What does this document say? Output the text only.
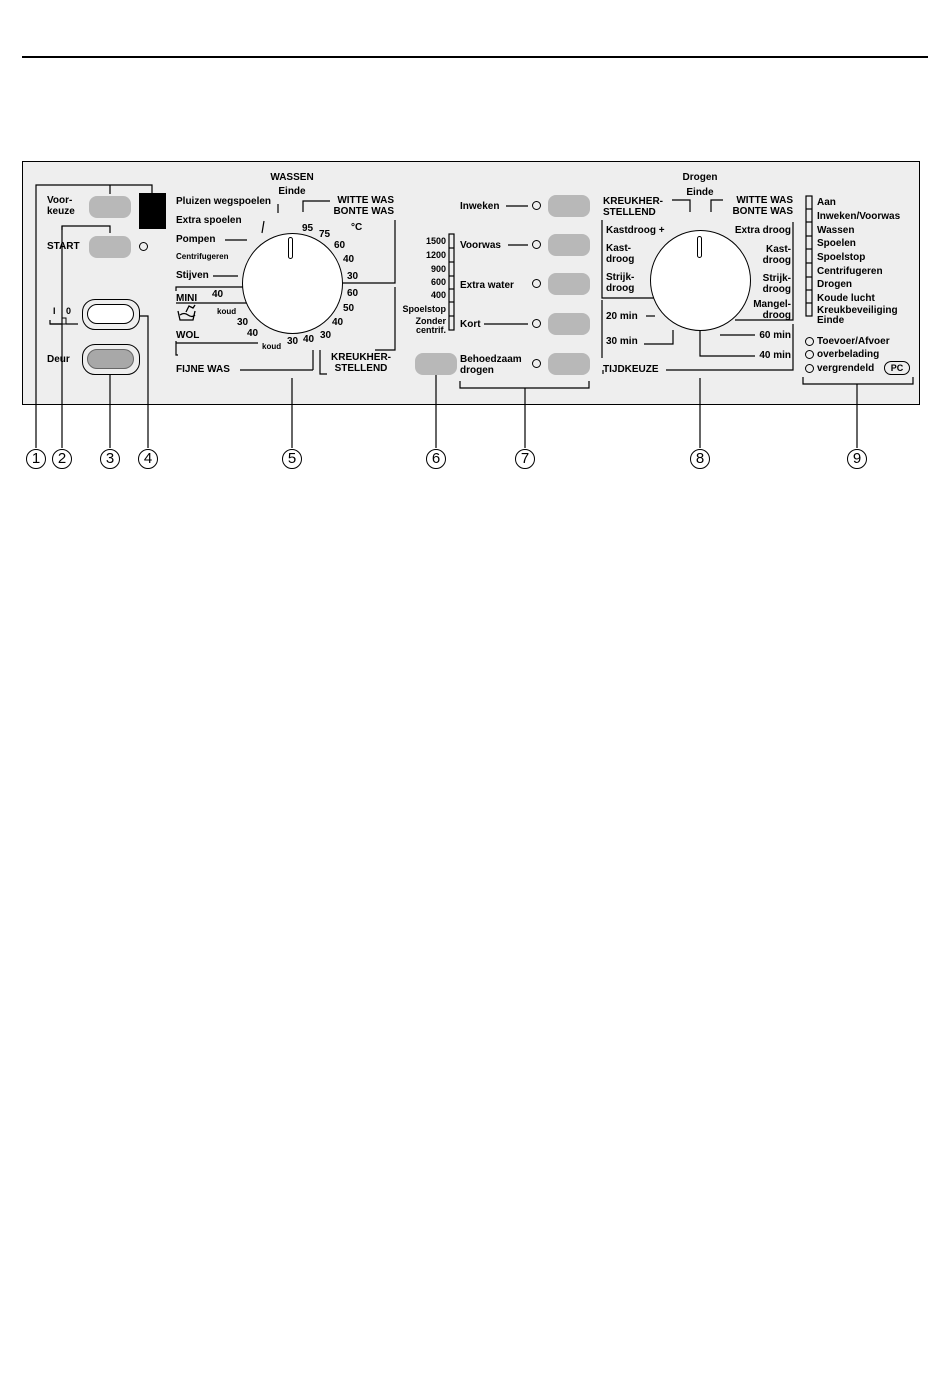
Voor-
keuze
START
I 0
Deur
WASSEN
Einde
Pluizen wegspoelen
Extra spoelen
Pompen
Centrifugeren
Stijven
MINI 40
koud
30
WOL	40
koud 30 40 30
FIJNE WAS
WITTE WAS
BONTE WAS
95
75
°C
60
40
30
60
50
40
KREUKHER-
STELLEND
1500
1200
900
600
400
Spoelstop
Zonder
centrif.
Inweken
Voorwas
Extra water
Kort
Behoedzaam
drogen
Drogen
Einde
KREUKHER-
STELLEND
Kastdroog +
Kast-
droog
Strijk-
droog
WITTE WAS
BONTE WAS
Extra droog
Kast-
droog
Strijk-
droog
Mangel-
droog
20 min
30 min
60 min
40 min
TIJDKEUZE
Aan
Inweken/Voorwas
Wassen
Spoelen
Spoelstop
Centrifugeren
Drogen
Koude lucht
Kreukbeveiliging
Einde
Toevoer/Afvoer
overbelading
vergrendeld	PC
1	2	3	4	5	6	7	8	9
